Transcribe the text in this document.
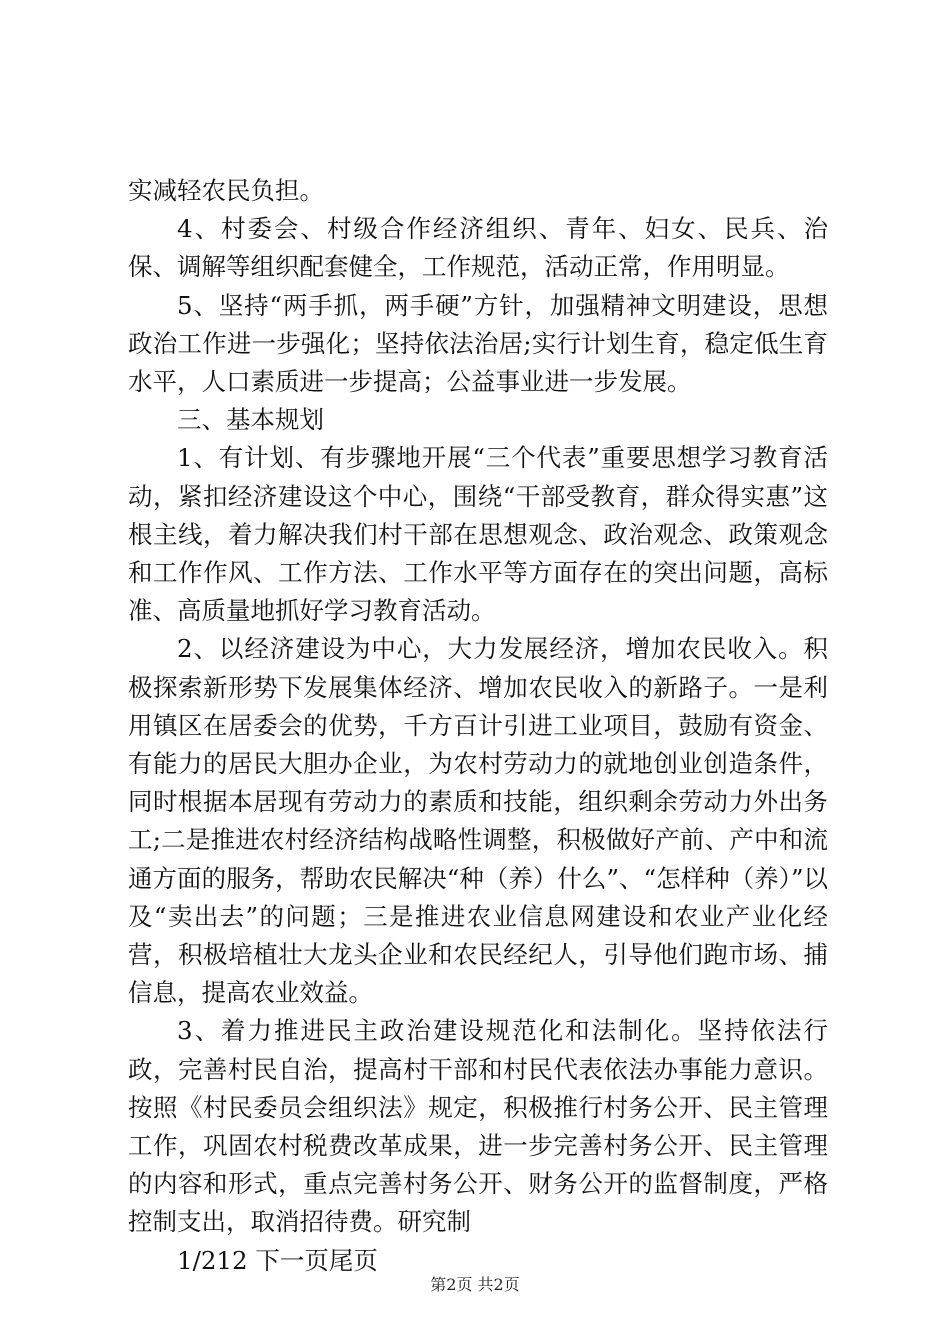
实减轻农民负担。

4、村委会、村级合作经济组织、青年、妇女、民兵、治保、调解等组织配套健全，工作规范，活动正常，作用明显。

5、坚持“两手抓，两手硬”方针，加强精神文明建设，思想政治工作进一步强化；坚持依法治居;实行计划生育，稳定低生育水平，人口素质进一步提高；公益事业进一步发展。

三、基本规划

1、有计划、有步骤地开展“三个代表”重要思想学习教育活动，紧扣经济建设这个中心，围绕“干部受教育，群众得实惠”这根主线，着力解决我们村干部在思想观念、政治观念、政策观念和工作作风、工作方法、工作水平等方面存在的突出问题，高标准、高质量地抓好学习教育活动。

2、以经济建设为中心，大力发展经济，增加农民收入。积极探索新形势下发展集体经济、增加农民收入的新路子。一是利用镇区在居委会的优势，千方百计引进工业项目，鼓励有资金、有能力的居民大胆办企业，为农村劳动力的就地创业创造条件，同时根据本居现有劳动力的素质和技能，组织剩余劳动力外出务工;二是推进农村经济结构战略性调整，积极做好产前、产中和流通方面的服务，帮助农民解决“种（养）什么”、“怎样种（养）”以及“卖出去”的问题；三是推进农业信息网建设和农业产业化经营，积极培植壮大龙头企业和农民经纪人，引导他们跑市场、捕信息，提高农业效益。

3、着力推进民主政治建设规范化和法制化。坚持依法行政，完善村民自治，提高村干部和村民代表依法办事能力意识。按照《村民委员会组织法》规定，积极推行村务公开、民主管理工作，巩固农村税费改革成果，进一步完善村务公开、民主管理的内容和形式，重点完善村务公开、财务公开的监督制度，严格控制支出，取消招待费。研究制

1/212 下一页尾页

第2页 共2页
